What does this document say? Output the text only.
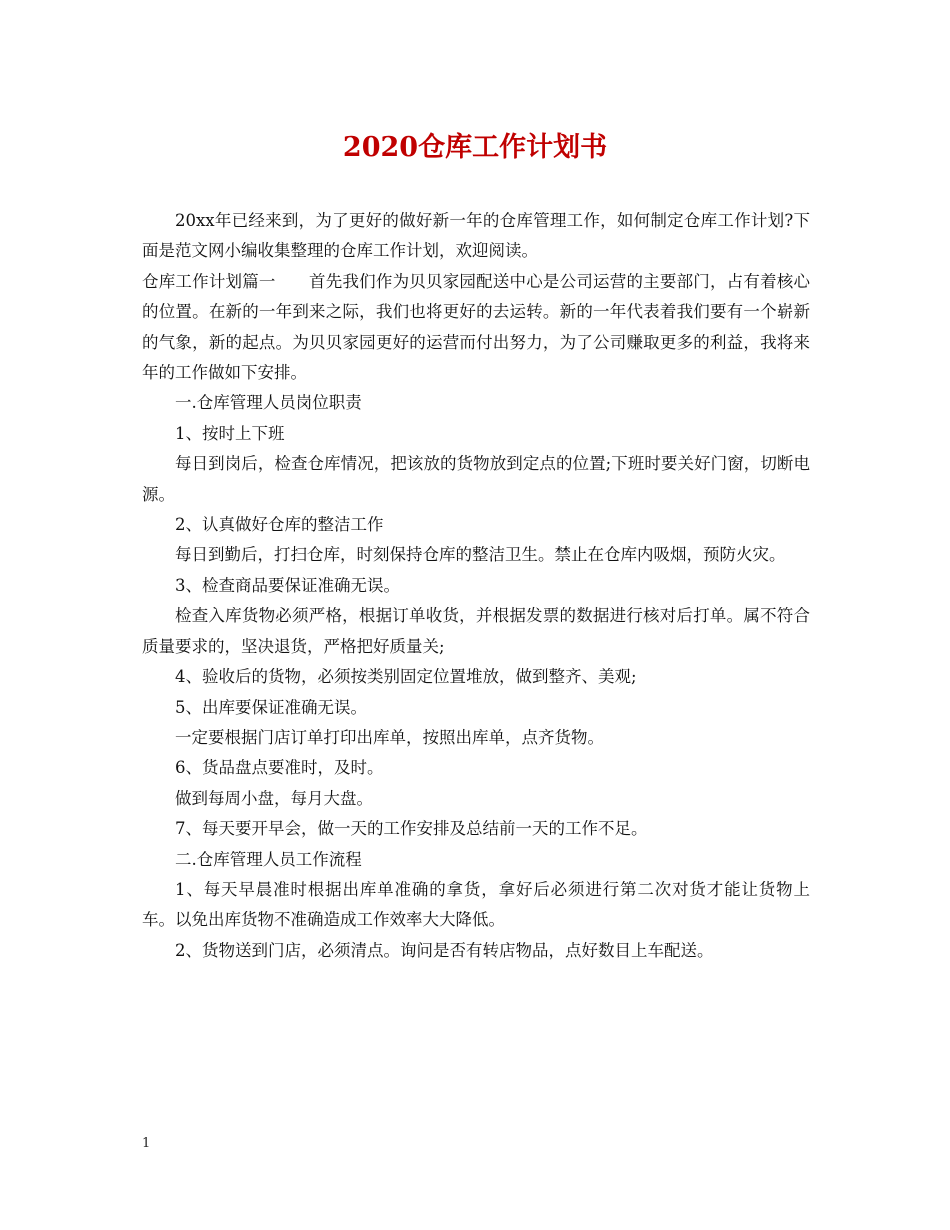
2020仓库工作计划书

20xx年已经来到，为了更好的做好新一年的仓库管理工作，如何制定仓库工作计划?下面是范文网小编收集整理的仓库工作计划，欢迎阅读。

仓库工作计划篇一　　首先我们作为贝贝家园配送中心是公司运营的主要部门，占有着核心的位置。在新的一年到来之际，我们也将更好的去运转。新的一年代表着我们要有一个崭新的气象，新的起点。为贝贝家园更好的运营而付出努力，为了公司赚取更多的利益，我将来年的工作做如下安排。

一.仓库管理人员岗位职责

1、按时上下班

每日到岗后，检查仓库情况，把该放的货物放到定点的位置;下班时要关好门窗，切断电源。

2、认真做好仓库的整洁工作

每日到勤后，打扫仓库，时刻保持仓库的整洁卫生。禁止在仓库内吸烟，预防火灾。

3、检查商品要保证准确无误。

检查入库货物必须严格，根据订单收货，并根据发票的数据进行核对后打单。属不符合质量要求的，坚决退货，严格把好质量关;

4、验收后的货物，必须按类别固定位置堆放，做到整齐、美观;

5、出库要保证准确无误。

一定要根据门店订单打印出库单，按照出库单，点齐货物。

6、货品盘点要准时，及时。

做到每周小盘，每月大盘。

7、每天要开早会，做一天的工作安排及总结前一天的工作不足。

二.仓库管理人员工作流程

1、每天早晨准时根据出库单准确的拿货，拿好后必须进行第二次对货才能让货物上车。以免出库货物不准确造成工作效率大大降低。

2、货物送到门店，必须清点。询问是否有转店物品，点好数目上车配送。

1
